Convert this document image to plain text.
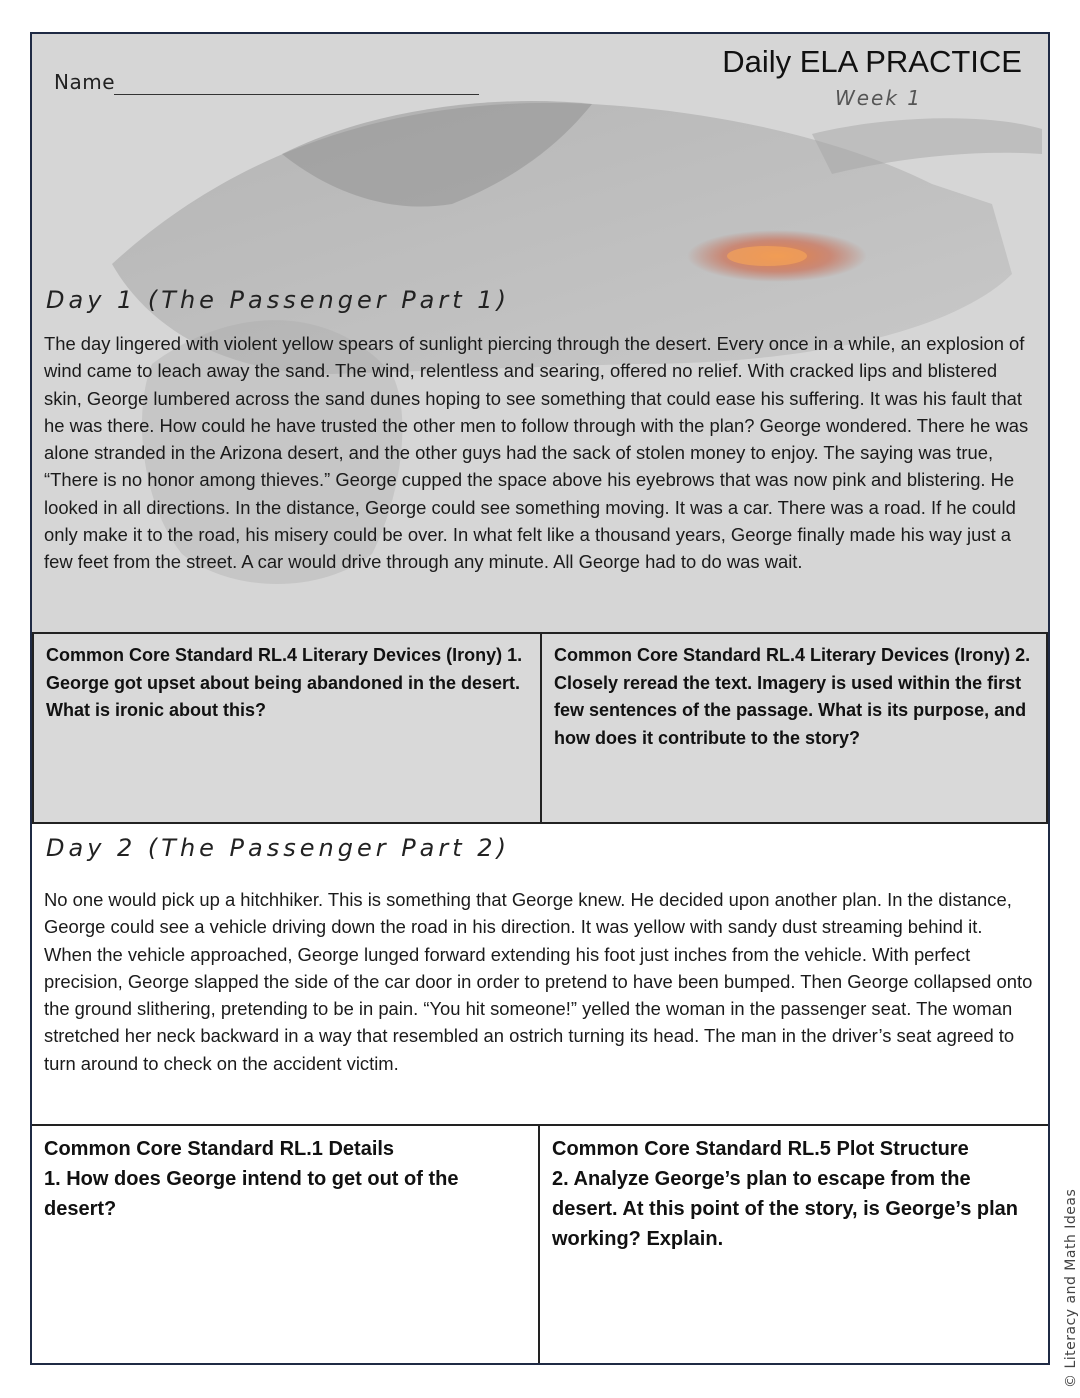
Name
Daily ELA PRACTICE
Week 1
Day 1 (The Passenger Part 1)

The day lingered with violent yellow spears of sunlight piercing through the desert. Every once in a while, an explosion of wind came to leach away the sand. The wind, relentless and searing, offered no relief. With cracked lips and blistered skin, George lumbered across the sand dunes hoping to see something that could ease his suffering. It was his fault that he was there. How could he have trusted the other men to follow through with the plan? George wondered. There he was alone stranded in the Arizona desert, and the other guys had the sack of stolen money to enjoy. The saying was true, “There is no honor among thieves.” George cupped the space above his eyebrows that was now pink and blistering. He looked in all directions. In the distance, George could see something moving. It was a car. There was a road. If he could only make it to the road, his misery could be over. In what felt like a thousand years, George finally made his way just a few feet from the street. A car would drive through any minute. All George had to do was wait.

Common Core Standard RL.4 Literary Devices (Irony) 1. George got upset about being abandoned in the desert. What is ironic about this?
Common Core Standard RL.4 Literary Devices (Irony) 2. Closely reread the text. Imagery is used within the first few sentences of the passage. What is its purpose, and how does it contribute to the story?
Day 2 (The Passenger Part 2)

No one would pick up a hitchhiker. This is something that George knew. He decided upon another plan. In the distance, George could see a vehicle driving down the road in his direction. It was yellow with sandy dust streaming behind it. When the vehicle approached, George lunged forward extending his foot just inches from the vehicle. With perfect precision, George slapped the side of the car door in order to pretend to have been bumped. Then George collapsed onto the ground slithering, pretending to be in pain. “You hit someone!” yelled the woman in the passenger seat. The woman stretched her neck backward in a way that resembled an ostrich turning its head. The man in the driver’s seat agreed to turn around to check on the accident victim.

Common Core Standard RL.1 Details
1. How does George intend to get out of the desert?
Common Core Standard RL.5 Plot Structure
2. Analyze George’s plan to escape from the desert. At this point of the story, is George’s plan working? Explain.	© Literacy and Math Ideas
